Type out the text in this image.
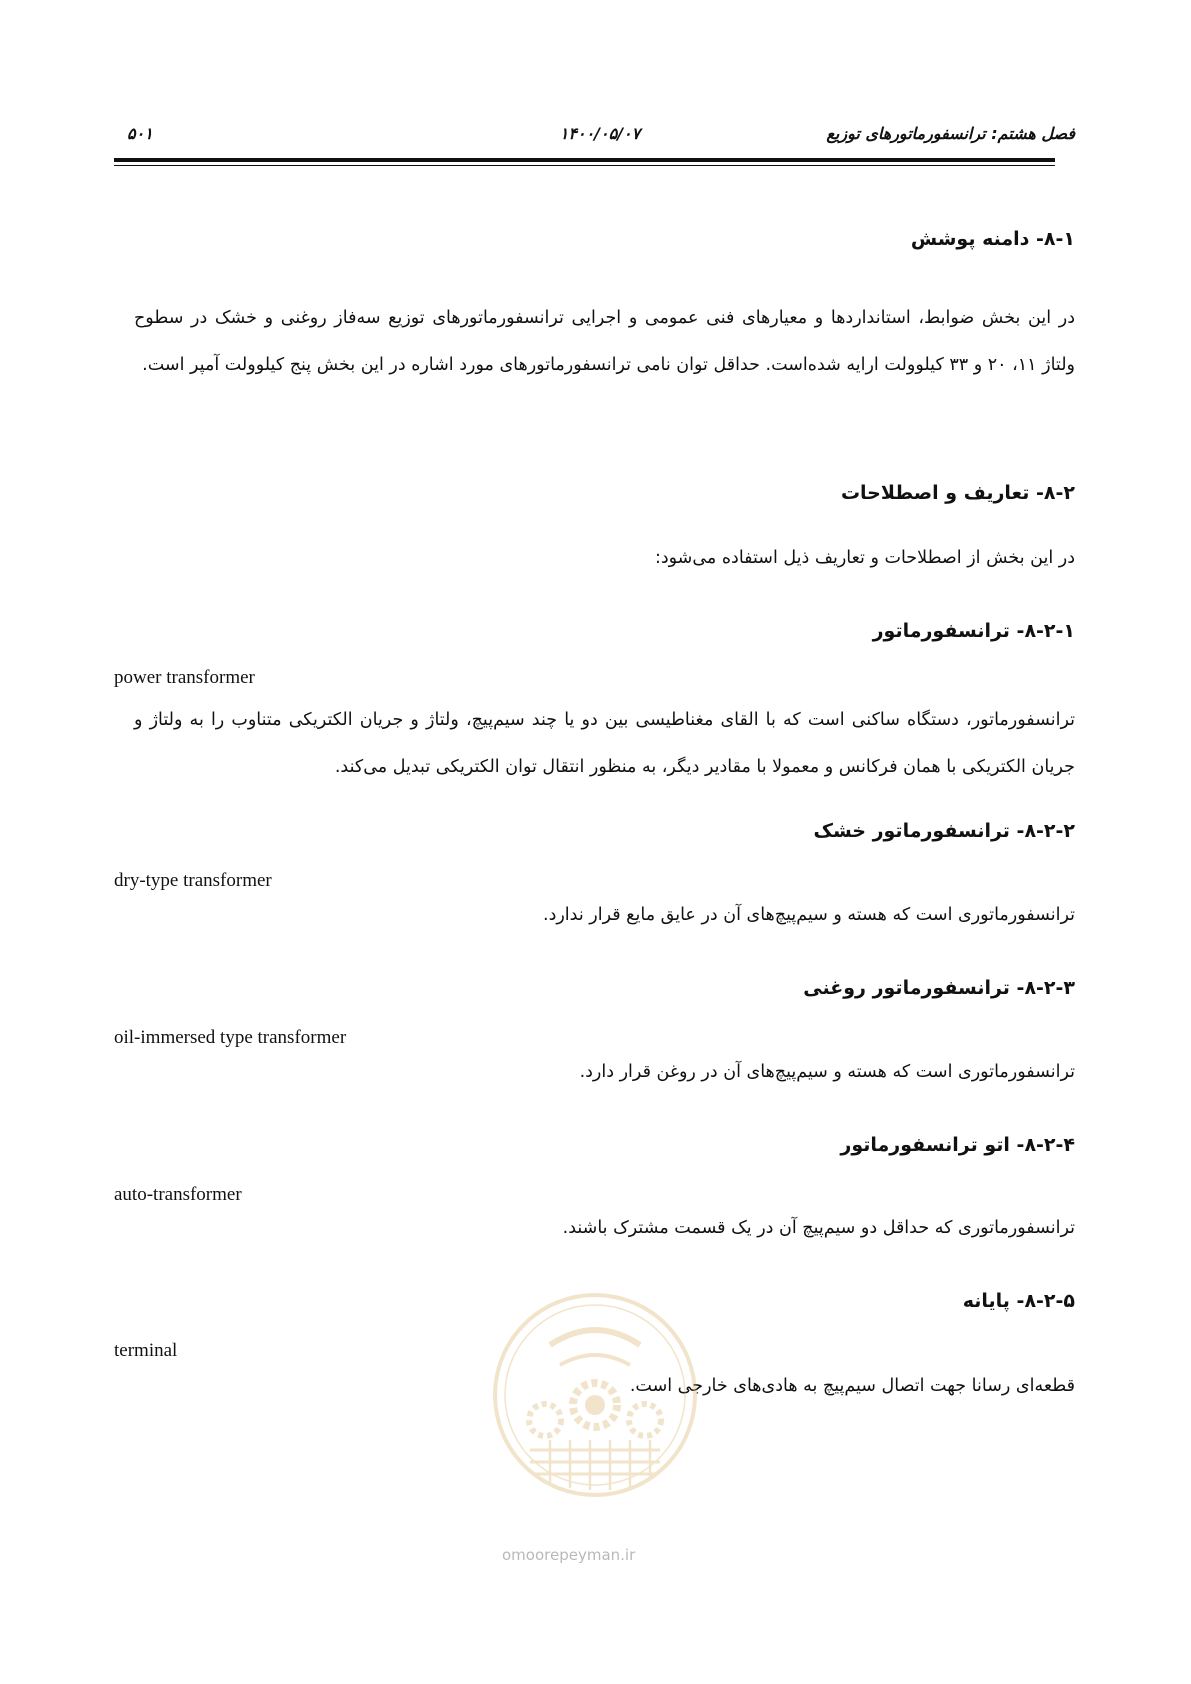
فصل هشتم: ترانسفورماتورهای توزیع
۱۴۰۰/۰۵/۰۷
۵۰۱
۸-۱- دامنه پوشش
در این بخش ضوابط، استانداردها و معیارهای فنی عمومی و اجرایی ترانسفورماتورهای توزیع سه‌فاز روغنی و خشک در سطوح ولتاژ ۱۱، ۲۰ و ۳۳ کیلوولت ارایه شده‌است. حداقل توان نامی ترانسفورماتورهای مورد اشاره در این بخش پنج کیلوولت آمپر است.
۸-۲- تعاریف و اصطلاحات
در این بخش از اصطلاحات و تعاریف ذیل استفاده می‌شود:
۸-۲-۱- ترانسفورماتور
power transformer
ترانسفورماتور، دستگاه ساکنی است که با القای مغناطیسی بین دو یا چند سیم‌پیچ، ولتاژ و جریان الکتریکی متناوب را به ولتاژ و جریان الکتریکی با همان فرکانس و معمولا با مقادیر دیگر، به منظور انتقال توان الکتریکی تبدیل می‌کند.
۸-۲-۲- ترانسفورماتور خشک
dry-type transformer
ترانسفورماتوری است که هسته و سیم‌پیچ‌های آن در عایق مایع قرار ندارد.
۸-۲-۳- ترانسفورماتور روغنی
oil-immersed type transformer
ترانسفورماتوری است که هسته و سیم‌پیچ‌های آن در روغن قرار دارد.
۸-۲-۴- اتو ترانسفورماتور
auto-transformer
ترانسفورماتوری که حداقل دو سیم‌پیچ آن در یک قسمت مشترک باشند.
۸-۲-۵- پایانه
terminal
قطعه‌ای رسانا جهت اتصال سیم‌پیچ به هادی‌های خارجی است.
omoorepeyman.ir
